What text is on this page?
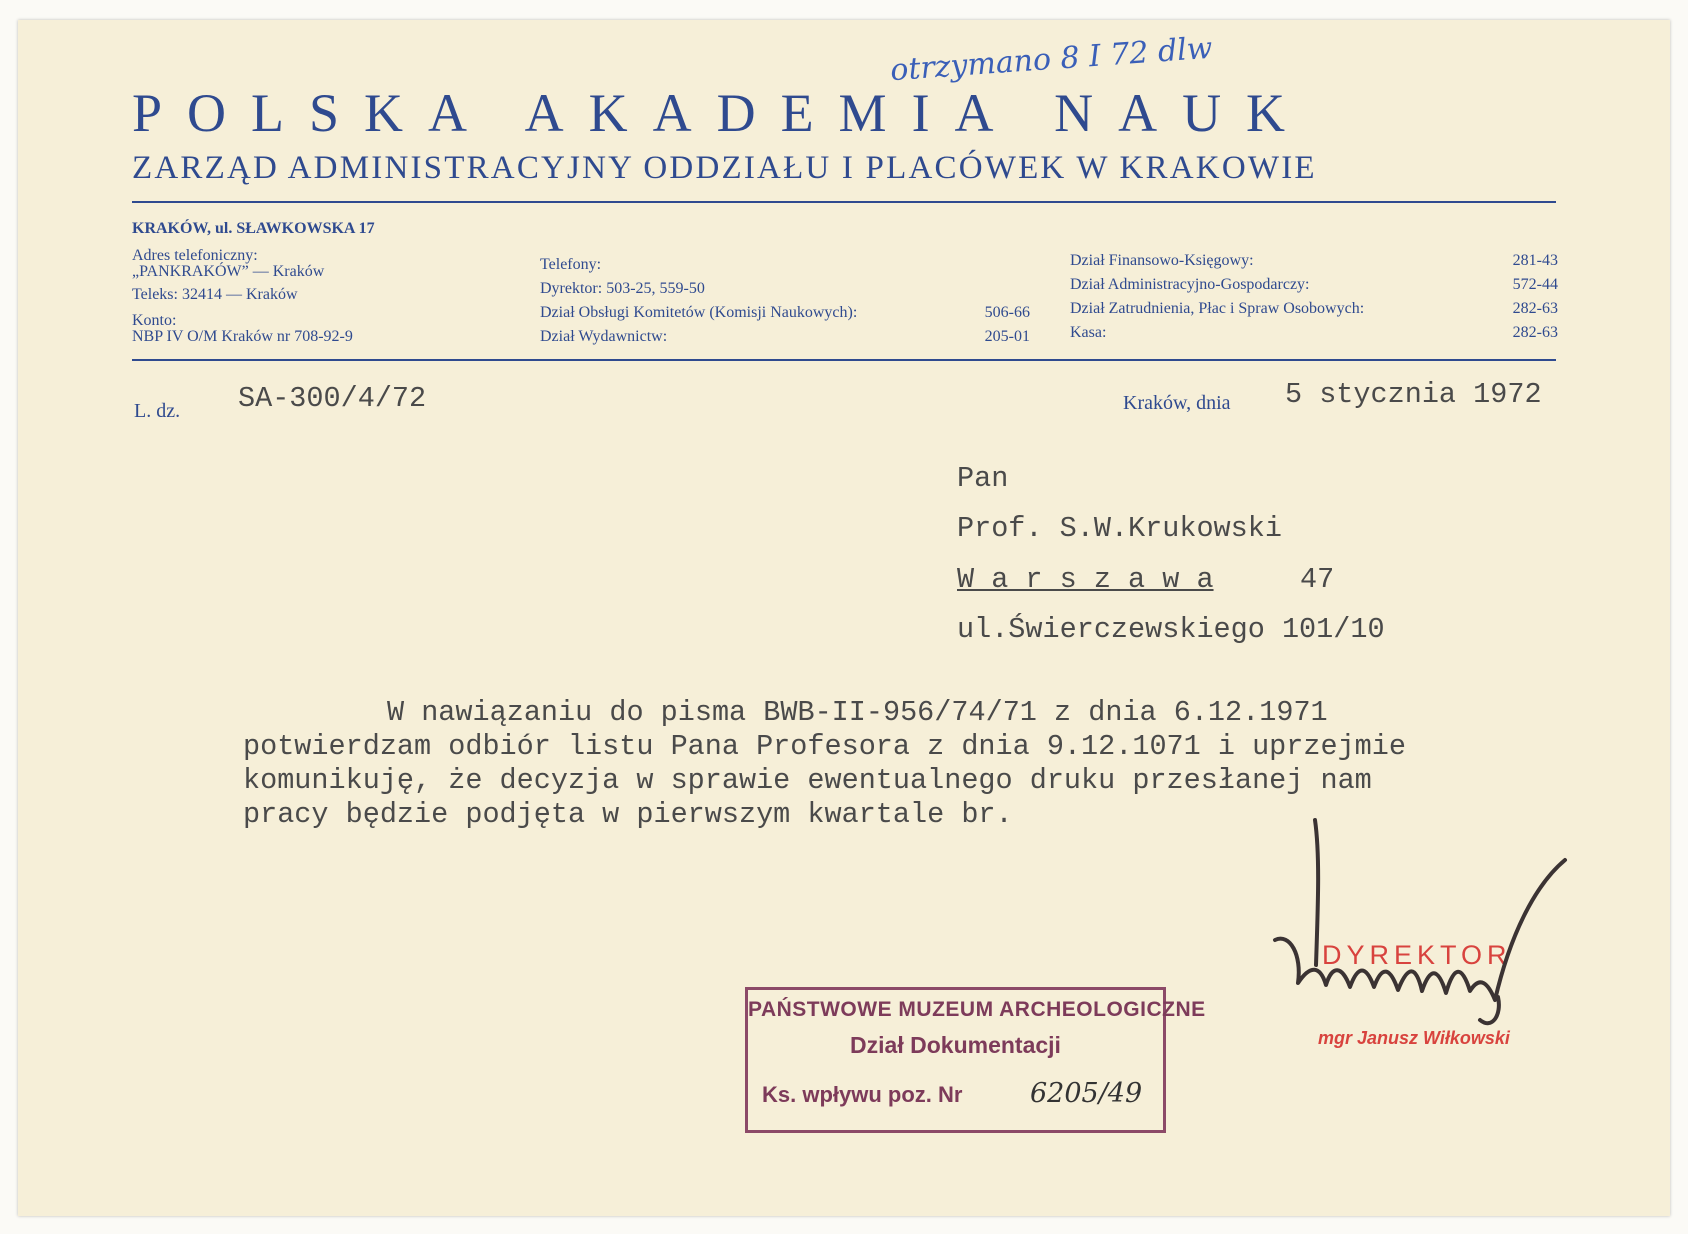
otrzymano 8 I 72 dlw
POLSKA AKADEMIA NAUK
ZARZĄD ADMINISTRACYJNY ODDZIAŁU I PLACÓWEK W KRAKOWIE
KRAKÓW, ul. SŁAWKOWSKA 17
Adres telefoniczny:
„PANKRAKÓW” — Kraków
Teleks: 32414 — Kraków
Konto:
NBP IV O/M Kraków nr 708-92-9
Telefony:
Dyrektor: 503-25, 559-50
Dział Obsługi Komitetów (Komisji Naukowych):	506-66
Dział Wydawnictw:	205-01
Dział Finansowo-Księgowy:	281-43
Dział Administracyjno-Gospodarczy:	572-44
Dział Zatrudnienia, Płac i Spraw Osobowych:	282-63
Kasa:	282-63
L. dz. SA-300/4/72	Kraków, dnia 5 stycznia 1972
Pan
Prof. S.W.Krukowski
W a r s z a w a	47
ul.Świerczewskiego 101/10
W nawiązaniu do pisma BWB-II-956/74/71 z dnia 6.12.1971
potwierdzam odbiór listu Pana Profesora z dnia 9.12.1071 i uprzejmie
komunikuję, że decyzja w sprawie ewentualnego druku przesłanej nam
pracy będzie podjęta w pierwszym kwartale br.
PAŃSTWOWE MUZEUM ARCHEOLOGICZNE
Dział Dokumentacji
Ks. wpływu poz. Nr	6205/49
DYREKTOR
mgr Janusz Wiłkowski
